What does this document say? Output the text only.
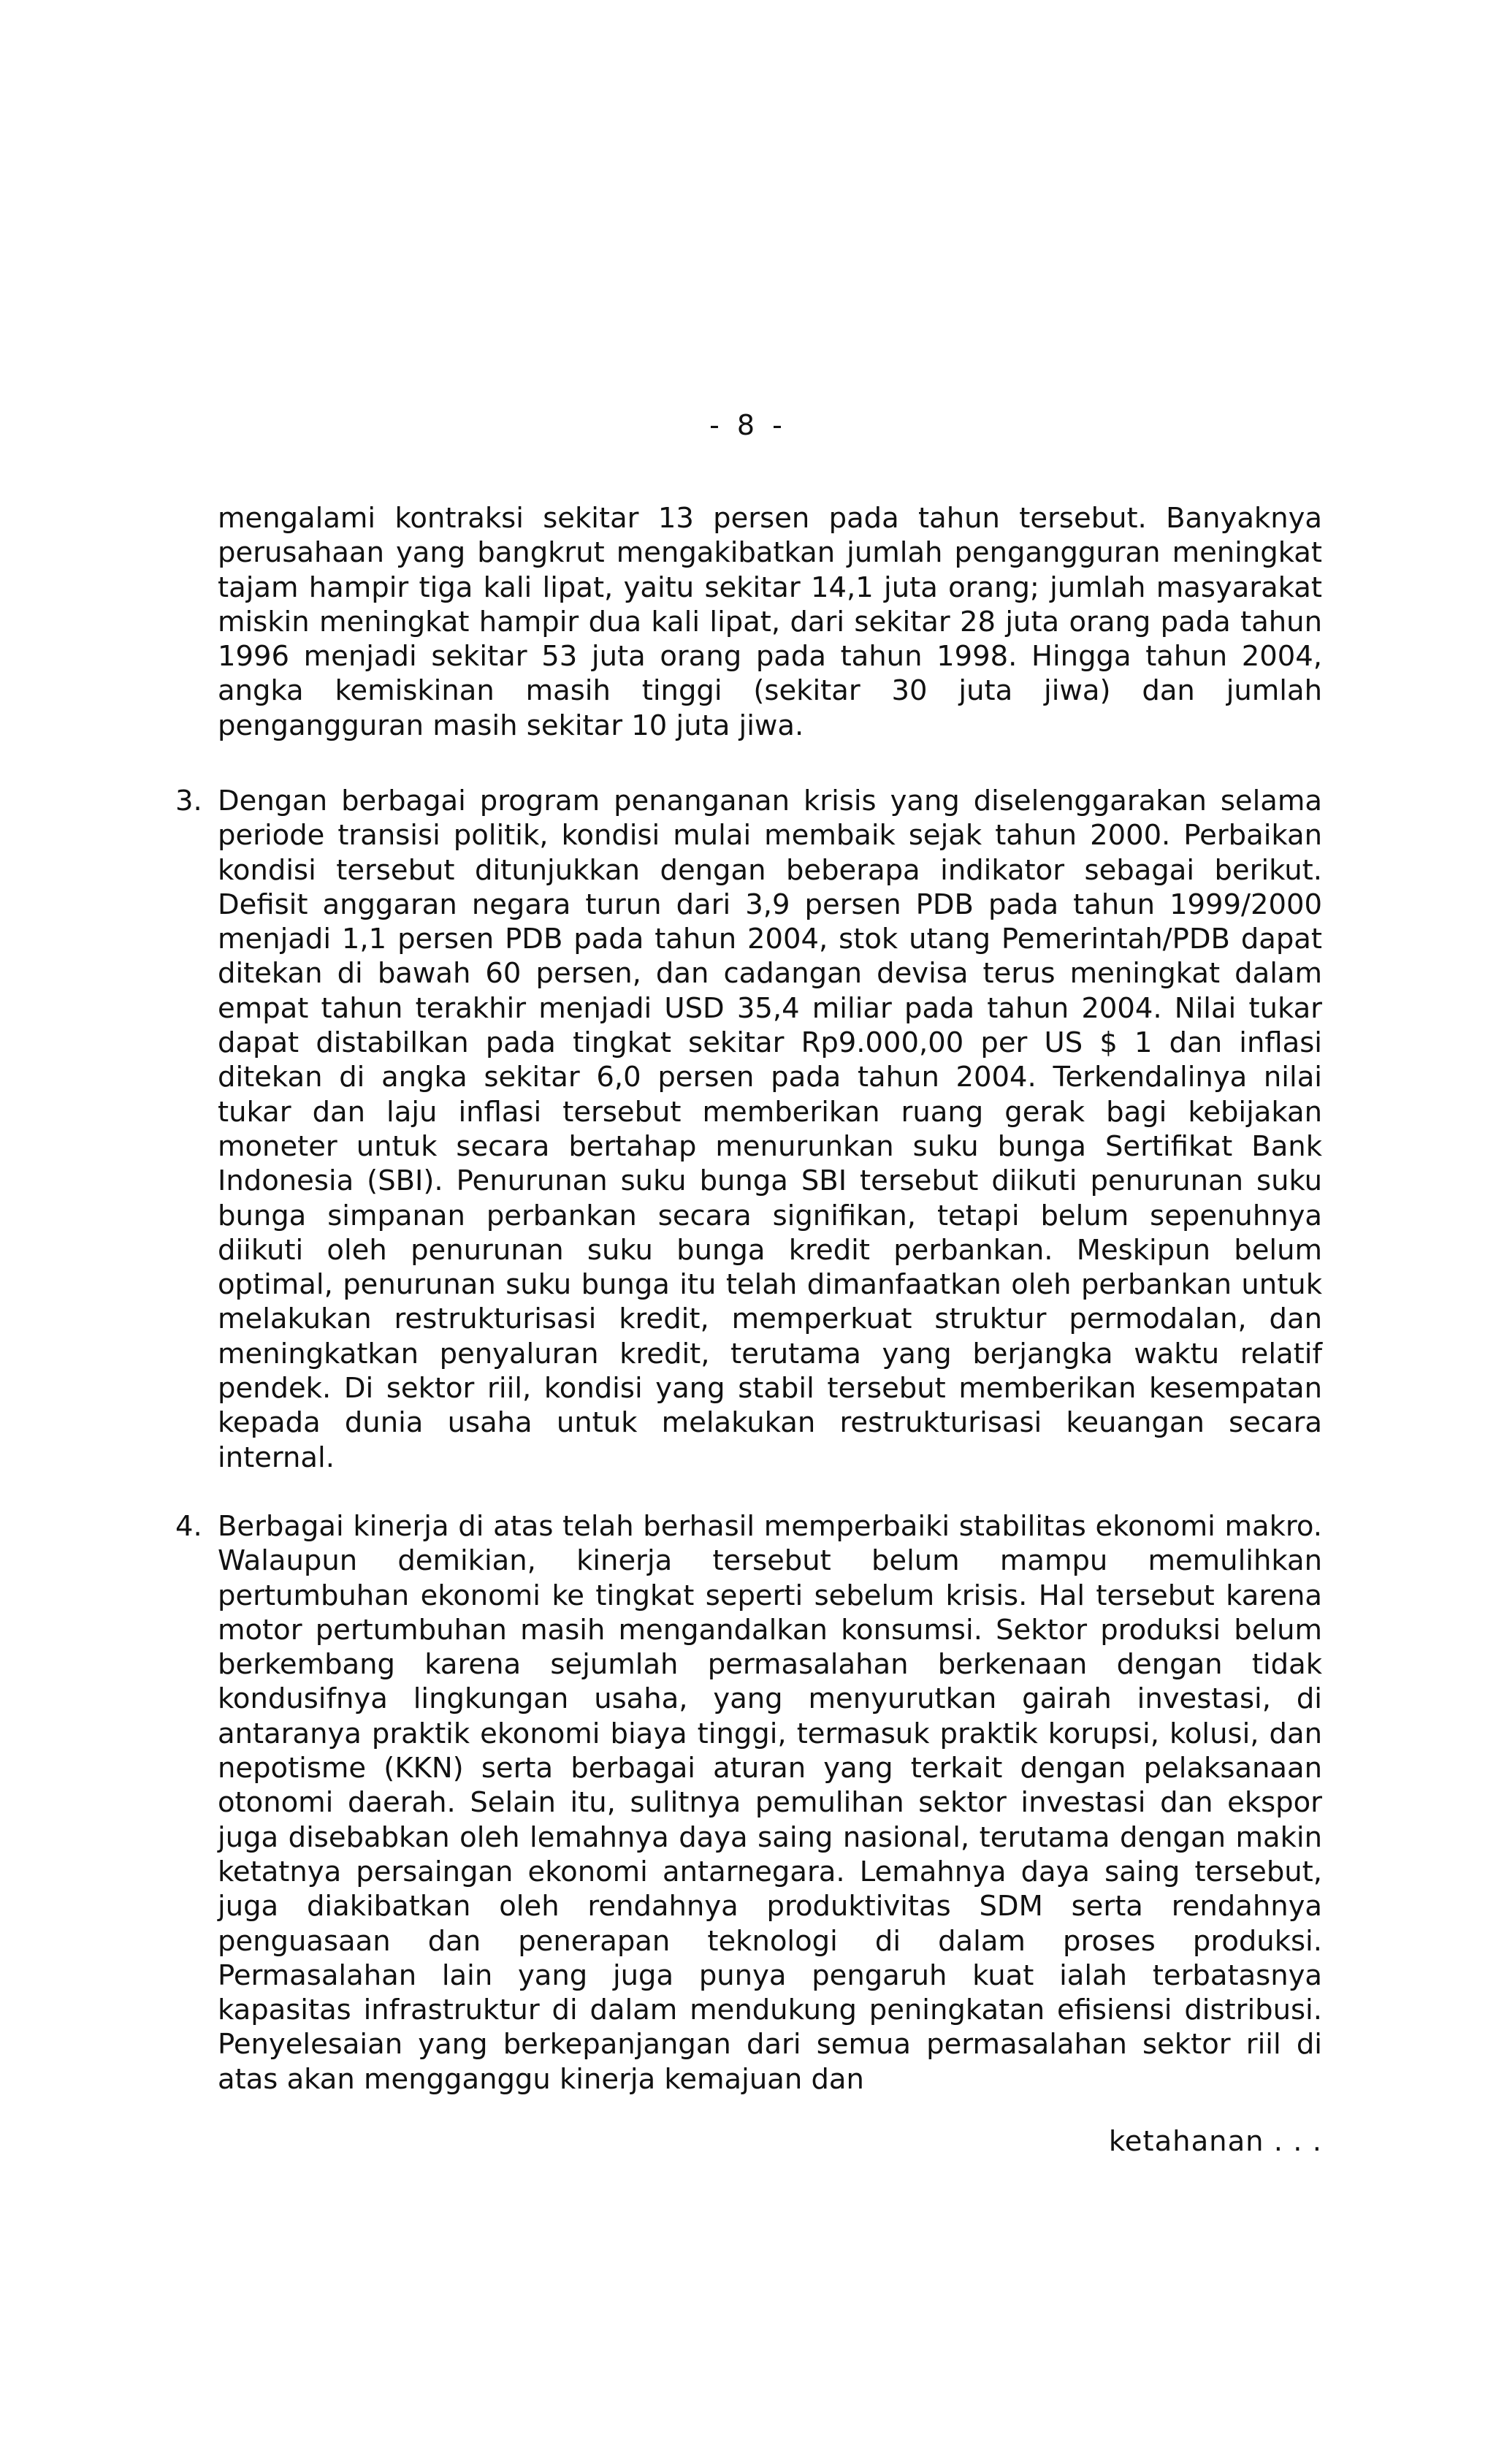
- 8 -

mengalami kontraksi sekitar 13 persen pada tahun tersebut. Banyaknya perusahaan yang bangkrut mengakibatkan jumlah pengangguran meningkat tajam hampir tiga kali lipat, yaitu sekitar 14,1 juta orang; jumlah masyarakat miskin meningkat hampir dua kali lipat, dari sekitar 28 juta orang pada tahun 1996 menjadi sekitar 53 juta orang pada tahun 1998. Hingga tahun 2004, angka kemiskinan masih tinggi (sekitar 30 juta jiwa) dan jumlah pengangguran masih sekitar 10 juta jiwa.

3. Dengan berbagai program penanganan krisis yang diselenggarakan selama periode transisi politik, kondisi mulai membaik sejak tahun 2000. Perbaikan kondisi tersebut ditunjukkan dengan beberapa indikator sebagai berikut. Defisit anggaran negara turun dari 3,9 persen PDB pada tahun 1999/2000 menjadi 1,1 persen PDB pada tahun 2004, stok utang Pemerintah/PDB dapat ditekan di bawah 60 persen, dan cadangan devisa terus meningkat dalam empat tahun terakhir menjadi USD 35,4 miliar pada tahun 2004. Nilai tukar dapat distabilkan pada tingkat sekitar Rp9.000,00 per US $ 1 dan inflasi ditekan di angka sekitar 6,0 persen pada tahun 2004. Terkendalinya nilai tukar dan laju inflasi tersebut memberikan ruang gerak bagi kebijakan moneter untuk secara bertahap menurunkan suku bunga Sertifikat Bank Indonesia (SBI). Penurunan suku bunga SBI tersebut diikuti penurunan suku bunga simpanan perbankan secara signifikan, tetapi belum sepenuhnya diikuti oleh penurunan suku bunga kredit perbankan. Meskipun belum optimal, penurunan suku bunga itu telah dimanfaatkan oleh perbankan untuk melakukan restrukturisasi kredit, memperkuat struktur permodalan, dan meningkatkan penyaluran kredit, terutama yang berjangka waktu relatif pendek. Di sektor riil, kondisi yang stabil tersebut memberikan kesempatan kepada dunia usaha untuk melakukan restrukturisasi keuangan secara internal.

4. Berbagai kinerja di atas telah berhasil memperbaiki stabilitas ekonomi makro. Walaupun demikian, kinerja tersebut belum mampu memulihkan pertumbuhan ekonomi ke tingkat seperti sebelum krisis. Hal tersebut karena motor pertumbuhan masih mengandalkan konsumsi. Sektor produksi belum berkembang karena sejumlah permasalahan berkenaan dengan tidak kondusifnya lingkungan usaha, yang menyurutkan gairah investasi, di antaranya praktik ekonomi biaya tinggi, termasuk praktik korupsi, kolusi, dan nepotisme (KKN) serta berbagai aturan yang terkait dengan pelaksanaan otonomi daerah. Selain itu, sulitnya pemulihan sektor investasi dan ekspor juga disebabkan oleh lemahnya daya saing nasional, terutama dengan makin ketatnya persaingan ekonomi antarnegara. Lemahnya daya saing tersebut, juga diakibatkan oleh rendahnya produktivitas SDM serta rendahnya penguasaan dan penerapan teknologi di dalam proses produksi. Permasalahan lain yang juga punya pengaruh kuat ialah terbatasnya kapasitas infrastruktur di dalam mendukung peningkatan efisiensi distribusi. Penyelesaian yang berkepanjangan dari semua permasalahan sektor riil di atas akan mengganggu kinerja kemajuan dan

ketahanan . . .
